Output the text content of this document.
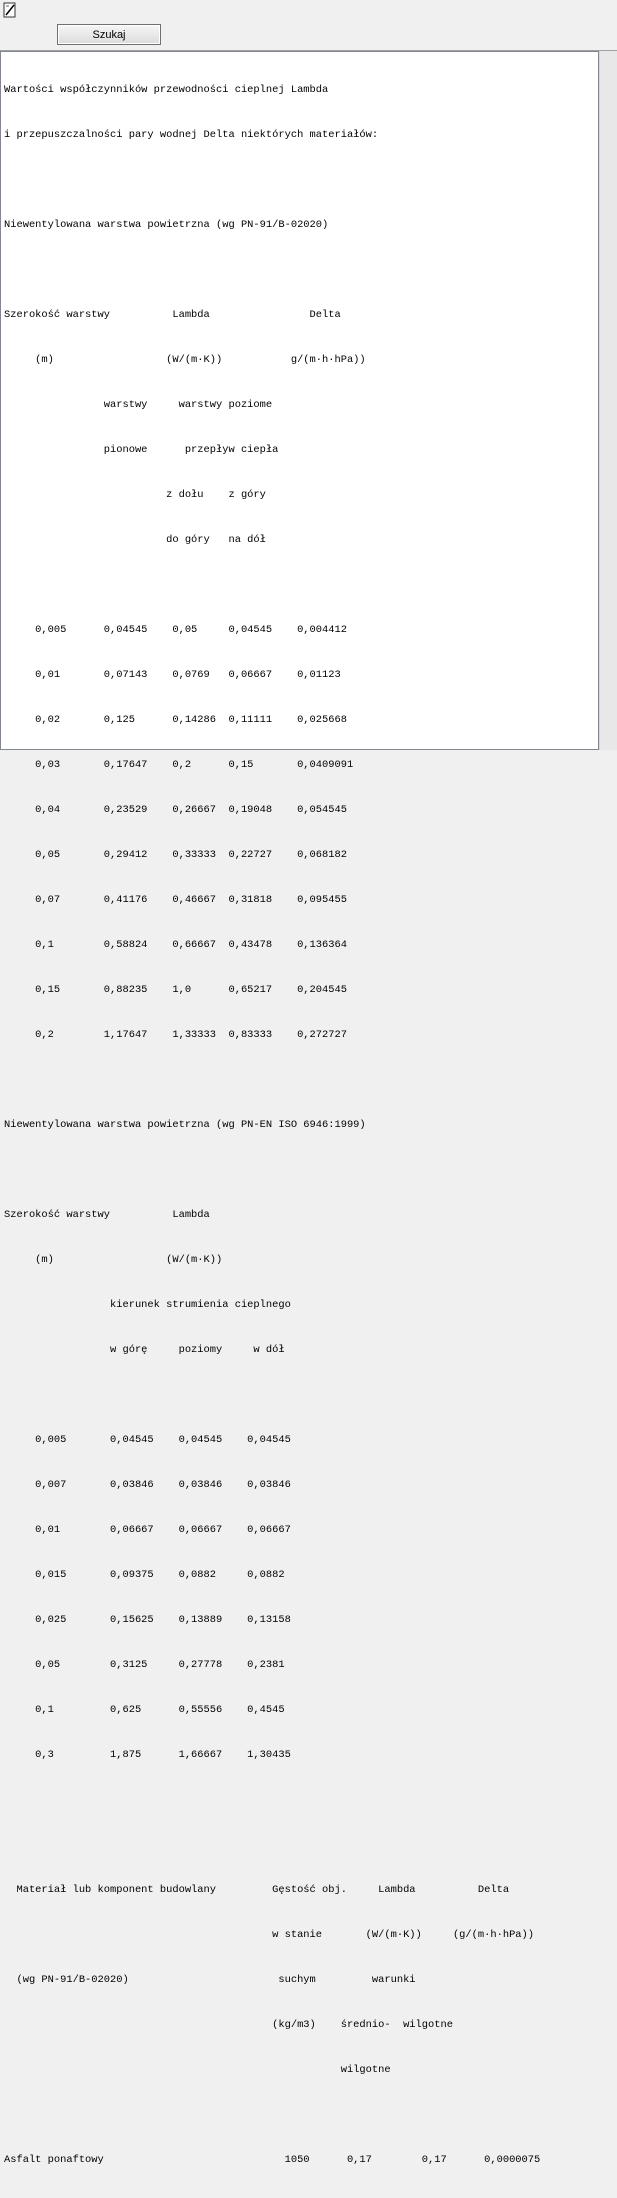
Szukaj

Wartości współczynników przewodności cieplnej Lambda

i przepuszczalności pary wodnej Delta niektórych materiałów:

Niewentylowana warstwa powietrzna (wg PN-91/B-02020)

Szerokość warstwy          Lambda                Delta

(m)                  (W/(m·K))           g/(m·h·hPa))

warstwy     warstwy poziome

pionowe      przepływ ciepła

z dołu    z góry

do góry   na dół

0,005      0,04545    0,05     0,04545    0,004412

0,01       0,07143    0,0769   0,06667    0,01123

0,02       0,125      0,14286  0,11111    0,025668

0,03       0,17647    0,2      0,15       0,0409091

0,04       0,23529    0,26667  0,19048    0,054545

0,05       0,29412    0,33333  0,22727    0,068182

0,07       0,41176    0,46667  0,31818    0,095455

0,1        0,58824    0,66667  0,43478    0,136364

0,15       0,88235    1,0      0,65217    0,204545

0,2        1,17647    1,33333  0,83333    0,272727

Niewentylowana warstwa powietrzna (wg PN-EN ISO 6946:1999)

Szerokość warstwy          Lambda

(m)                  (W/(m·K))

kierunek strumienia cieplnego

w górę     poziomy     w dół

0,005       0,04545    0,04545    0,04545

0,007       0,03846    0,03846    0,03846

0,01        0,06667    0,06667    0,06667

0,015       0,09375    0,0882     0,0882

0,025       0,15625    0,13889    0,13158

0,05        0,3125     0,27778    0,2381

0,1         0,625      0,55556    0,4545

0,3         1,875      1,66667    1,30435

Materiał lub komponent budowlany         Gęstość obj.     Lambda          Delta

w stanie       (W/(m·K))     (g/(m·h·hPa))

(wg PN-91/B-02020)                        suchym         warunki

(kg/m3)    średnio-  wilgotne

wilgotne

Asfalt ponaftowy                             1050      0,17        0,17      0,0000075
